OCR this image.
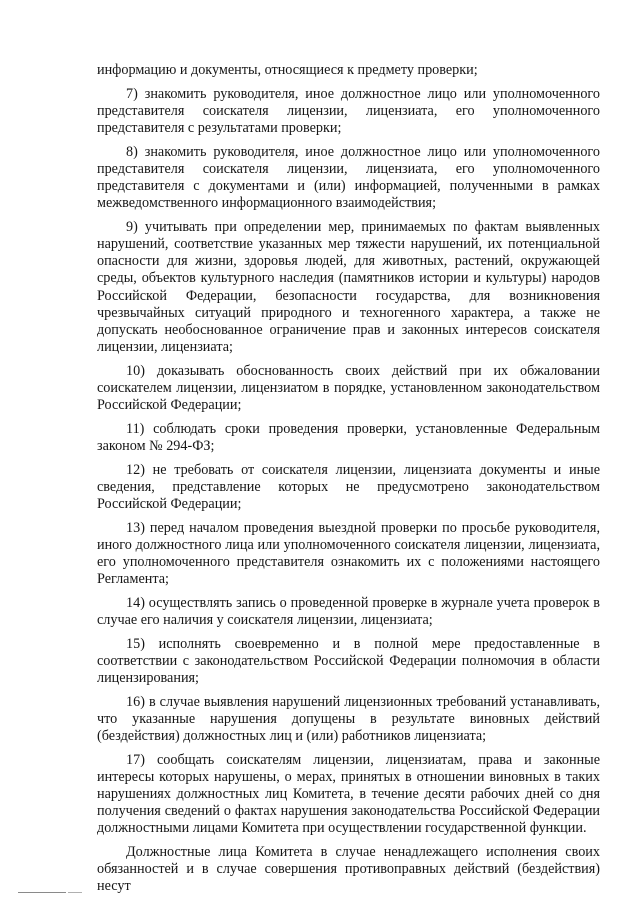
информацию и документы, относящиеся к предмету проверки;

7) знакомить руководителя, иное должностное лицо или уполномоченного представителя соискателя лицензии, лицензиата, его уполномоченного представителя с результатами проверки;

8) знакомить руководителя, иное должностное лицо или уполномоченного представителя соискателя лицензии, лицензиата, его уполномоченного представителя с документами и (или) информацией, полученными в рамках межведомственного информационного взаимодействия;

9) учитывать при определении мер, принимаемых по фактам выявленных нарушений, соответствие указанных мер тяжести нарушений, их потенциальной опасности для жизни, здоровья людей, для животных, растений, окружающей среды, объектов культурного наследия (памятников истории и культуры) народов Российской Федерации, безопасности государства, для возникновения чрезвычайных ситуаций природного и техногенного характера, а также не допускать необоснованное ограничение прав и законных интересов соискателя лицензии, лицензиата;

10) доказывать обоснованность своих действий при их обжаловании соискателем лицензии, лицензиатом в порядке, установленном законодательством Российской Федерации;

11) соблюдать сроки проведения проверки, установленные Федеральным законом № 294-ФЗ;

12) не требовать от соискателя лицензии, лицензиата документы и иные сведения, представление которых не предусмотрено законодательством Российской Федерации;

13) перед началом проведения выездной проверки по просьбе руководителя, иного должностного лица или уполномоченного соискателя лицензии, лицензиата, его уполномоченного представителя ознакомить их с положениями настоящего Регламента;

14) осуществлять запись о проведенной проверке в журнале учета проверок в случае его наличия у соискателя лицензии, лицензиата;

15) исполнять своевременно и в полной мере предоставленные в соответствии с законодательством Российской Федерации полномочия в области лицензирования;

16) в случае выявления нарушений лицензионных требований устанавливать, что указанные нарушения допущены в результате виновных действий (бездействия) должностных лиц и (или) работников лицензиата;

17) сообщать соискателям лицензии, лицензиатам, права и законные интересы которых нарушены, о мерах, принятых в отношении виновных в таких нарушениях должностных лиц Комитета, в течение десяти рабочих дней со дня получения сведений о фактах нарушения законодательства Российской Федерации должностными лицами Комитета при осуществлении государственной функции.

Должностные лица Комитета в случае ненадлежащего исполнения своих обязанностей и в случае совершения противоправных действий (бездействия) несут
